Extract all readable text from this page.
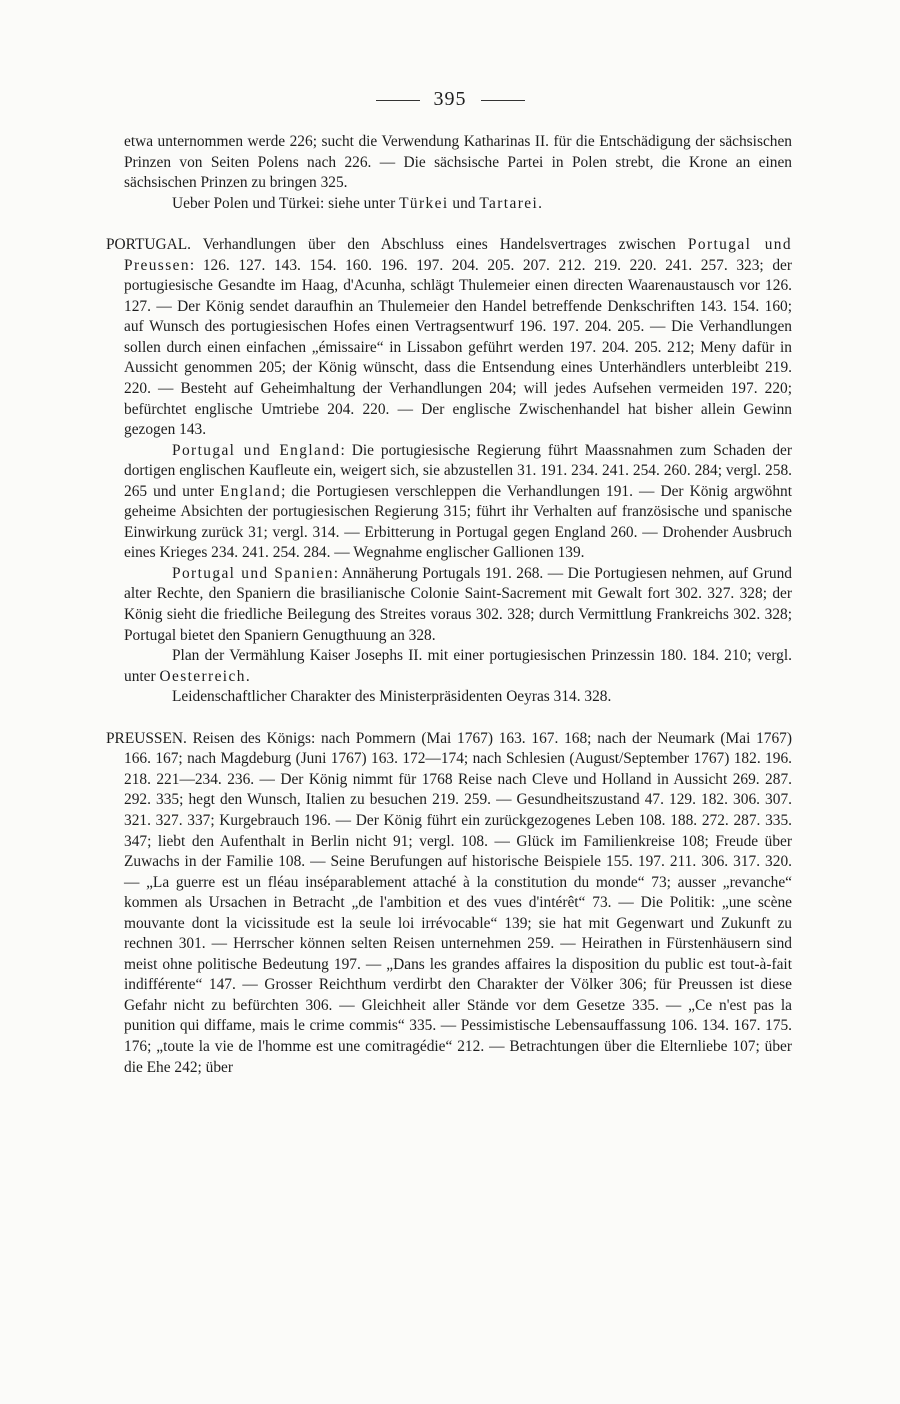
395

etwa unternommen werde 226; sucht die Verwendung Katharinas II. für die Entschädigung der sächsischen Prinzen von Seiten Polens nach 226. — Die sächsische Partei in Polen strebt, die Krone an einen sächsischen Prinzen zu bringen 325.

Ueber Polen und Türkei: siehe unter Türkei und Tartarei.

PORTUGAL. Verhandlungen über den Abschluss eines Handelsvertrages zwischen Portugal und Preussen: 126. 127. 143. 154. 160. 196. 197. 204. 205. 207. 212. 219. 220. 241. 257. 323; der portugiesische Gesandte im Haag, d'Acunha, schlägt Thulemeier einen directen Waarenaustausch vor 126. 127. — Der König sendet daraufhin an Thulemeier den Handel betreffende Denkschriften 143. 154. 160; auf Wunsch des portugiesischen Hofes einen Vertragsentwurf 196. 197. 204. 205. — Die Verhandlungen sollen durch einen einfachen „émissaire“ in Lissabon geführt werden 197. 204. 205. 212; Meny dafür in Aussicht genommen 205; der König wünscht, dass die Entsendung eines Unterhändlers unterbleibt 219. 220. — Besteht auf Geheimhaltung der Verhandlungen 204; will jedes Aufsehen vermeiden 197. 220; befürchtet englische Umtriebe 204. 220. — Der englische Zwischenhandel hat bisher allein Gewinn gezogen 143.

Portugal und England: Die portugiesische Regierung führt Maassnahmen zum Schaden der dortigen englischen Kaufleute ein, weigert sich, sie abzustellen 31. 191. 234. 241. 254. 260. 284; vergl. 258. 265 und unter England; die Portugiesen verschleppen die Verhandlungen 191. — Der König argwöhnt geheime Absichten der portugiesischen Regierung 315; führt ihr Verhalten auf französische und spanische Einwirkung zurück 31; vergl. 314. — Erbitterung in Portugal gegen England 260. — Drohender Ausbruch eines Krieges 234. 241. 254. 284. — Wegnahme englischer Gallionen 139.

Portugal und Spanien: Annäherung Portugals 191. 268. — Die Portugiesen nehmen, auf Grund alter Rechte, den Spaniern die brasilianische Colonie Saint-Sacrement mit Gewalt fort 302. 327. 328; der König sieht die friedliche Beilegung des Streites voraus 302. 328; durch Vermittlung Frankreichs 302. 328; Portugal bietet den Spaniern Genugthuung an 328.

Plan der Vermählung Kaiser Josephs II. mit einer portugiesischen Prinzessin 180. 184. 210; vergl. unter Oesterreich.

Leidenschaftlicher Charakter des Ministerpräsidenten Oeyras 314. 328.

PREUSSEN. Reisen des Königs: nach Pommern (Mai 1767) 163. 167. 168; nach der Neumark (Mai 1767) 166. 167; nach Magdeburg (Juni 1767) 163. 172—174; nach Schlesien (August/September 1767) 182. 196. 218. 221—234. 236. — Der König nimmt für 1768 Reise nach Cleve und Holland in Aussicht 269. 287. 292. 335; hegt den Wunsch, Italien zu besuchen 219. 259. — Gesundheitszustand 47. 129. 182. 306. 307. 321. 327. 337; Kurgebrauch 196. — Der König führt ein zurückgezogenes Leben 108. 188. 272. 287. 335. 347; liebt den Aufenthalt in Berlin nicht 91; vergl. 108. — Glück im Familienkreise 108; Freude über Zuwachs in der Familie 108. — Seine Berufungen auf historische Beispiele 155. 197. 211. 306. 317. 320. — „La guerre est un fléau inséparablement attaché à la constitution du monde“ 73; ausser „revanche“ kommen als Ursachen in Betracht „de l'ambition et des vues d'intérêt“ 73. — Die Politik: „une scène mouvante dont la vicissitude est la seule loi irrévocable“ 139; sie hat mit Gegenwart und Zukunft zu rechnen 301. — Herrscher können selten Reisen unternehmen 259. — Heirathen in Fürstenhäusern sind meist ohne politische Bedeutung 197. — „Dans les grandes affaires la disposition du public est tout-à-fait indifférente“ 147. — Grosser Reichthum verdirbt den Charakter der Völker 306; für Preussen ist diese Gefahr nicht zu befürchten 306. — Gleichheit aller Stände vor dem Gesetze 335. — „Ce n'est pas la punition qui diffame, mais le crime commis“ 335. — Pessimistische Lebensauffassung 106. 134. 167. 175. 176; „toute la vie de l'homme est une comitragédie“ 212. — Betrachtungen über die Elternliebe 107; über die Ehe 242; über
